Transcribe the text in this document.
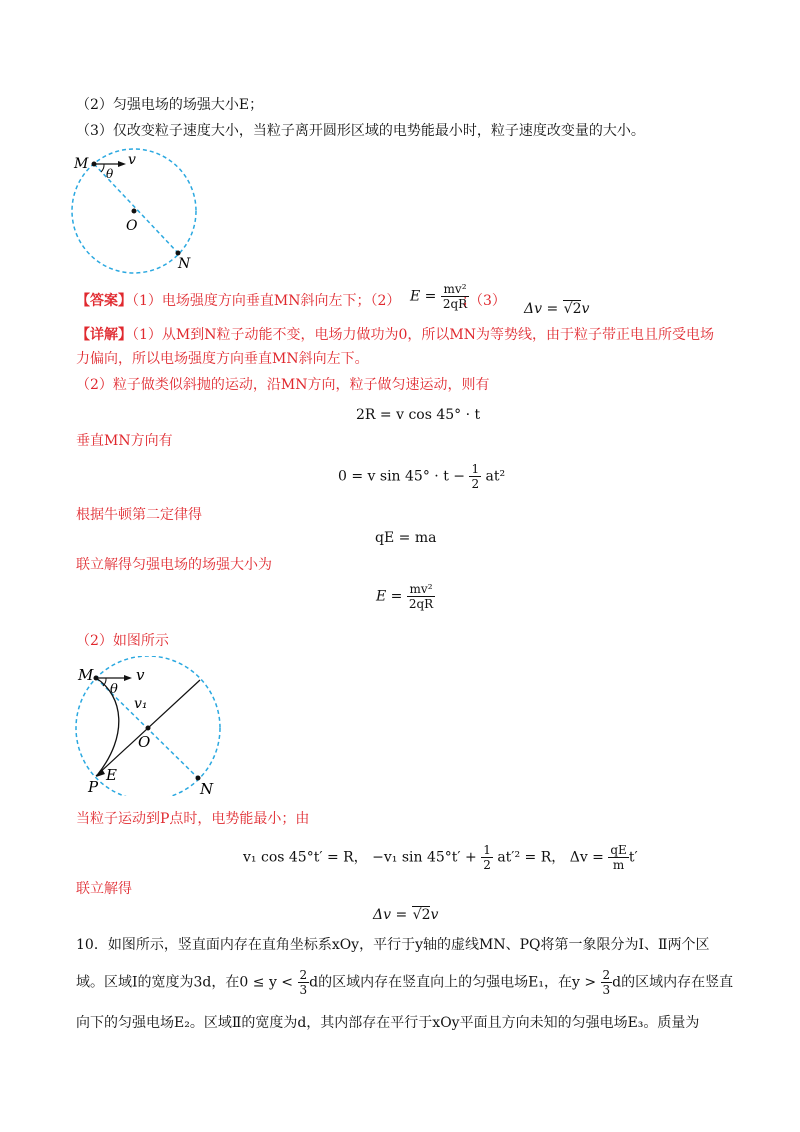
（2）匀强电场的场强大小E；
（3）仅改变粒子速度大小，当粒子离开圆形区域的电势能最小时，粒子速度改变量的大小。
M	v
θ
O
N
【答案】（1）电场强度方向垂直MN斜向左下；（2） $E = \frac{\text{mv²}}{2qR}$
；（3） Δv = √2v
【详解】（1）从M到N粒子动能不变，电场力做功为0，所以MN为等势线，由于粒子带正电且所受电场
力偏向，所以电场强度方向垂直MN斜向左下。
（2）粒子做类似斜抛的运动，沿MN方向，粒子做匀速运动，则有
2R = v cos 45° · t
垂直MN方向有
0 = v $\sin 45^\circ \cdot t - \frac{1}{2} at^2$
根据牛顿第二定律得
qE = ma
联立解得匀强电场的场强大小为
$E = \frac{\text{mv²}}{2qR}$
（2）如图所示
M	v
θ
v₁
O
P
E
N
当粒子运动到P点时，电势能最小；由
v₁ cos 45°t′ = R， −v₁ $\sin 45^\circ t' + \frac{1}{2} at'^2 = R$， $\Delta v = \frac{qE}{m} t'$
联立解得
Δv = √2v
10．如图所示，竖直面内存在直角坐标系xOy，平行于y轴的虚线MN、PQ将第一象限分为Ⅰ、Ⅱ两个区
域。区域Ⅰ的宽度为3d，在$0 \le y < \frac{2}{3}$ d的区域内存在竖直向上的匀强电场E₁，在$y > \frac{2}{3}$ d的区域内存在竖直
向下的匀强电场E₂。区域Ⅱ的宽度为d，其内部存在平行于xOy平面且方向未知的匀强电场E₃。质量为
